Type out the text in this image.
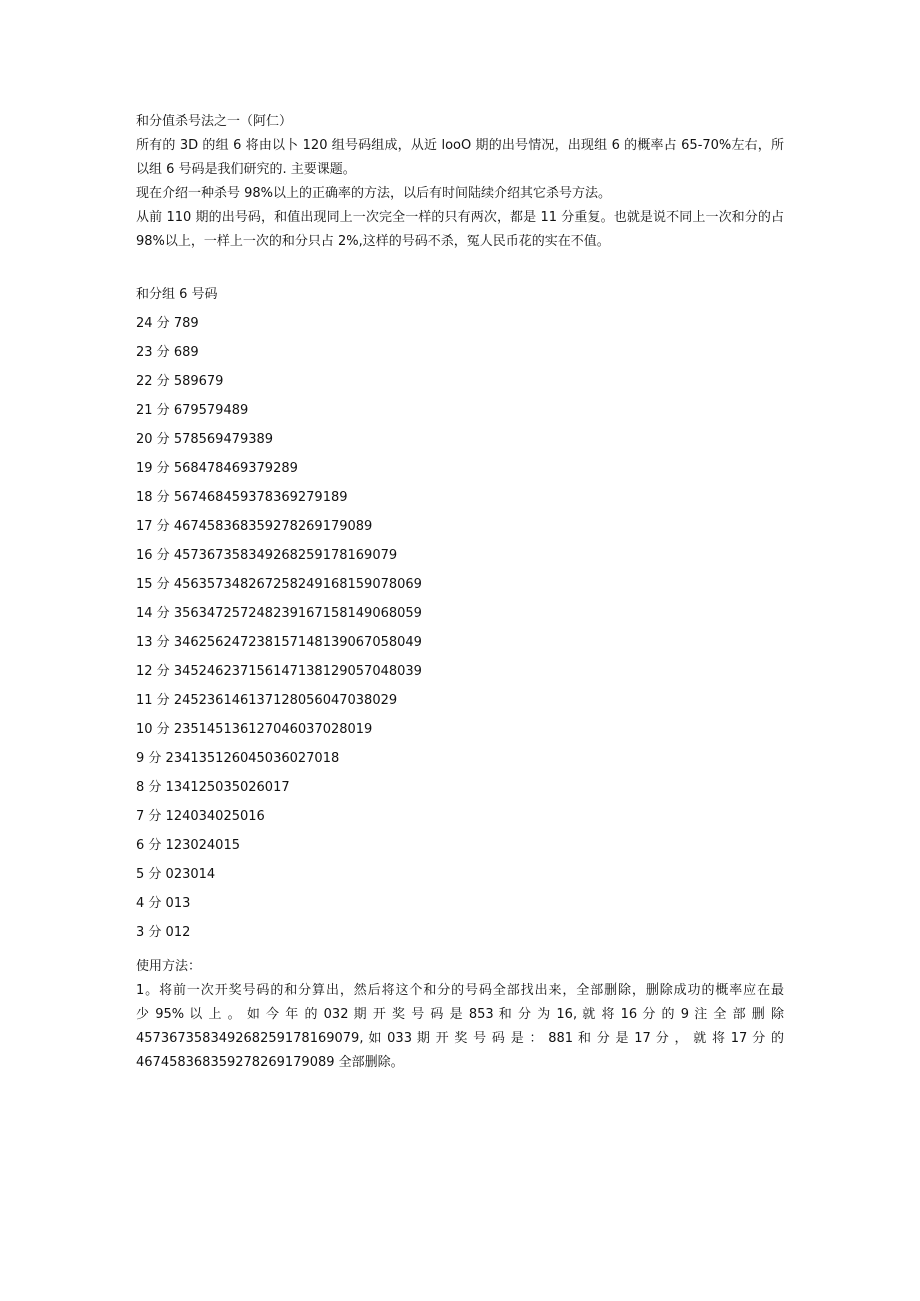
和分值杀号法之一（阿仁）

所有的 3D 的组 6 将由以卜 120 组号码组成，从近 looO 期的出号情况，出现组 6 的概率占 65-70%左右，所以组 6 号码是我们研究的. 主要课题。

现在介绍一种杀号 98%以上的正确率的方法，以后有时间陆续介绍其它杀号方法。

从前 110 期的出号码，和值出现同上一次完全一样的只有两次，都是 11 分重复。也就是说不同上一次和分的占 98%以上，一样上一次的和分只占 2%,这样的号码不杀，冤人民币花的实在不值。

和分组 6 号码
24 分 789
23 分 689
22 分 589679
21 分 679579489
20 分 578569479389
19 分 568478469379289
18 分 567468459378369279189
17 分 467458368359278269179089
16 分 457367358349268259178169079
15 分 456357348267258249168159078069
14 分 356347257248239167158149068059
13 分 346256247238157148139067058049
12 分 345246237156147138129057048039
11 分 245236146137128056047038029
10 分 235145136127046037028019
9 分 234135126045036027018
8 分 134125035026017
7 分 124034025016
6 分 123024015
5 分 023014
4 分 013
3 分 012

使用方法：

1。将前一次开奖号码的和分算出，然后将这个和分的号码全部找出来，全部删除，删除成功的概率应在最

少 95% 以 上 。 如 今 年 的 032 期 开 奖 号 码 是 853 和 分 为 16, 就 将 16 分 的 9 注 全 部 删 除

457367358349268259178169079, 如 033 期 开 奖 号 码 是 ： 881 和 分 是 17 分 ， 就 将 17 分 的

467458368359278269179089 全部删除。
